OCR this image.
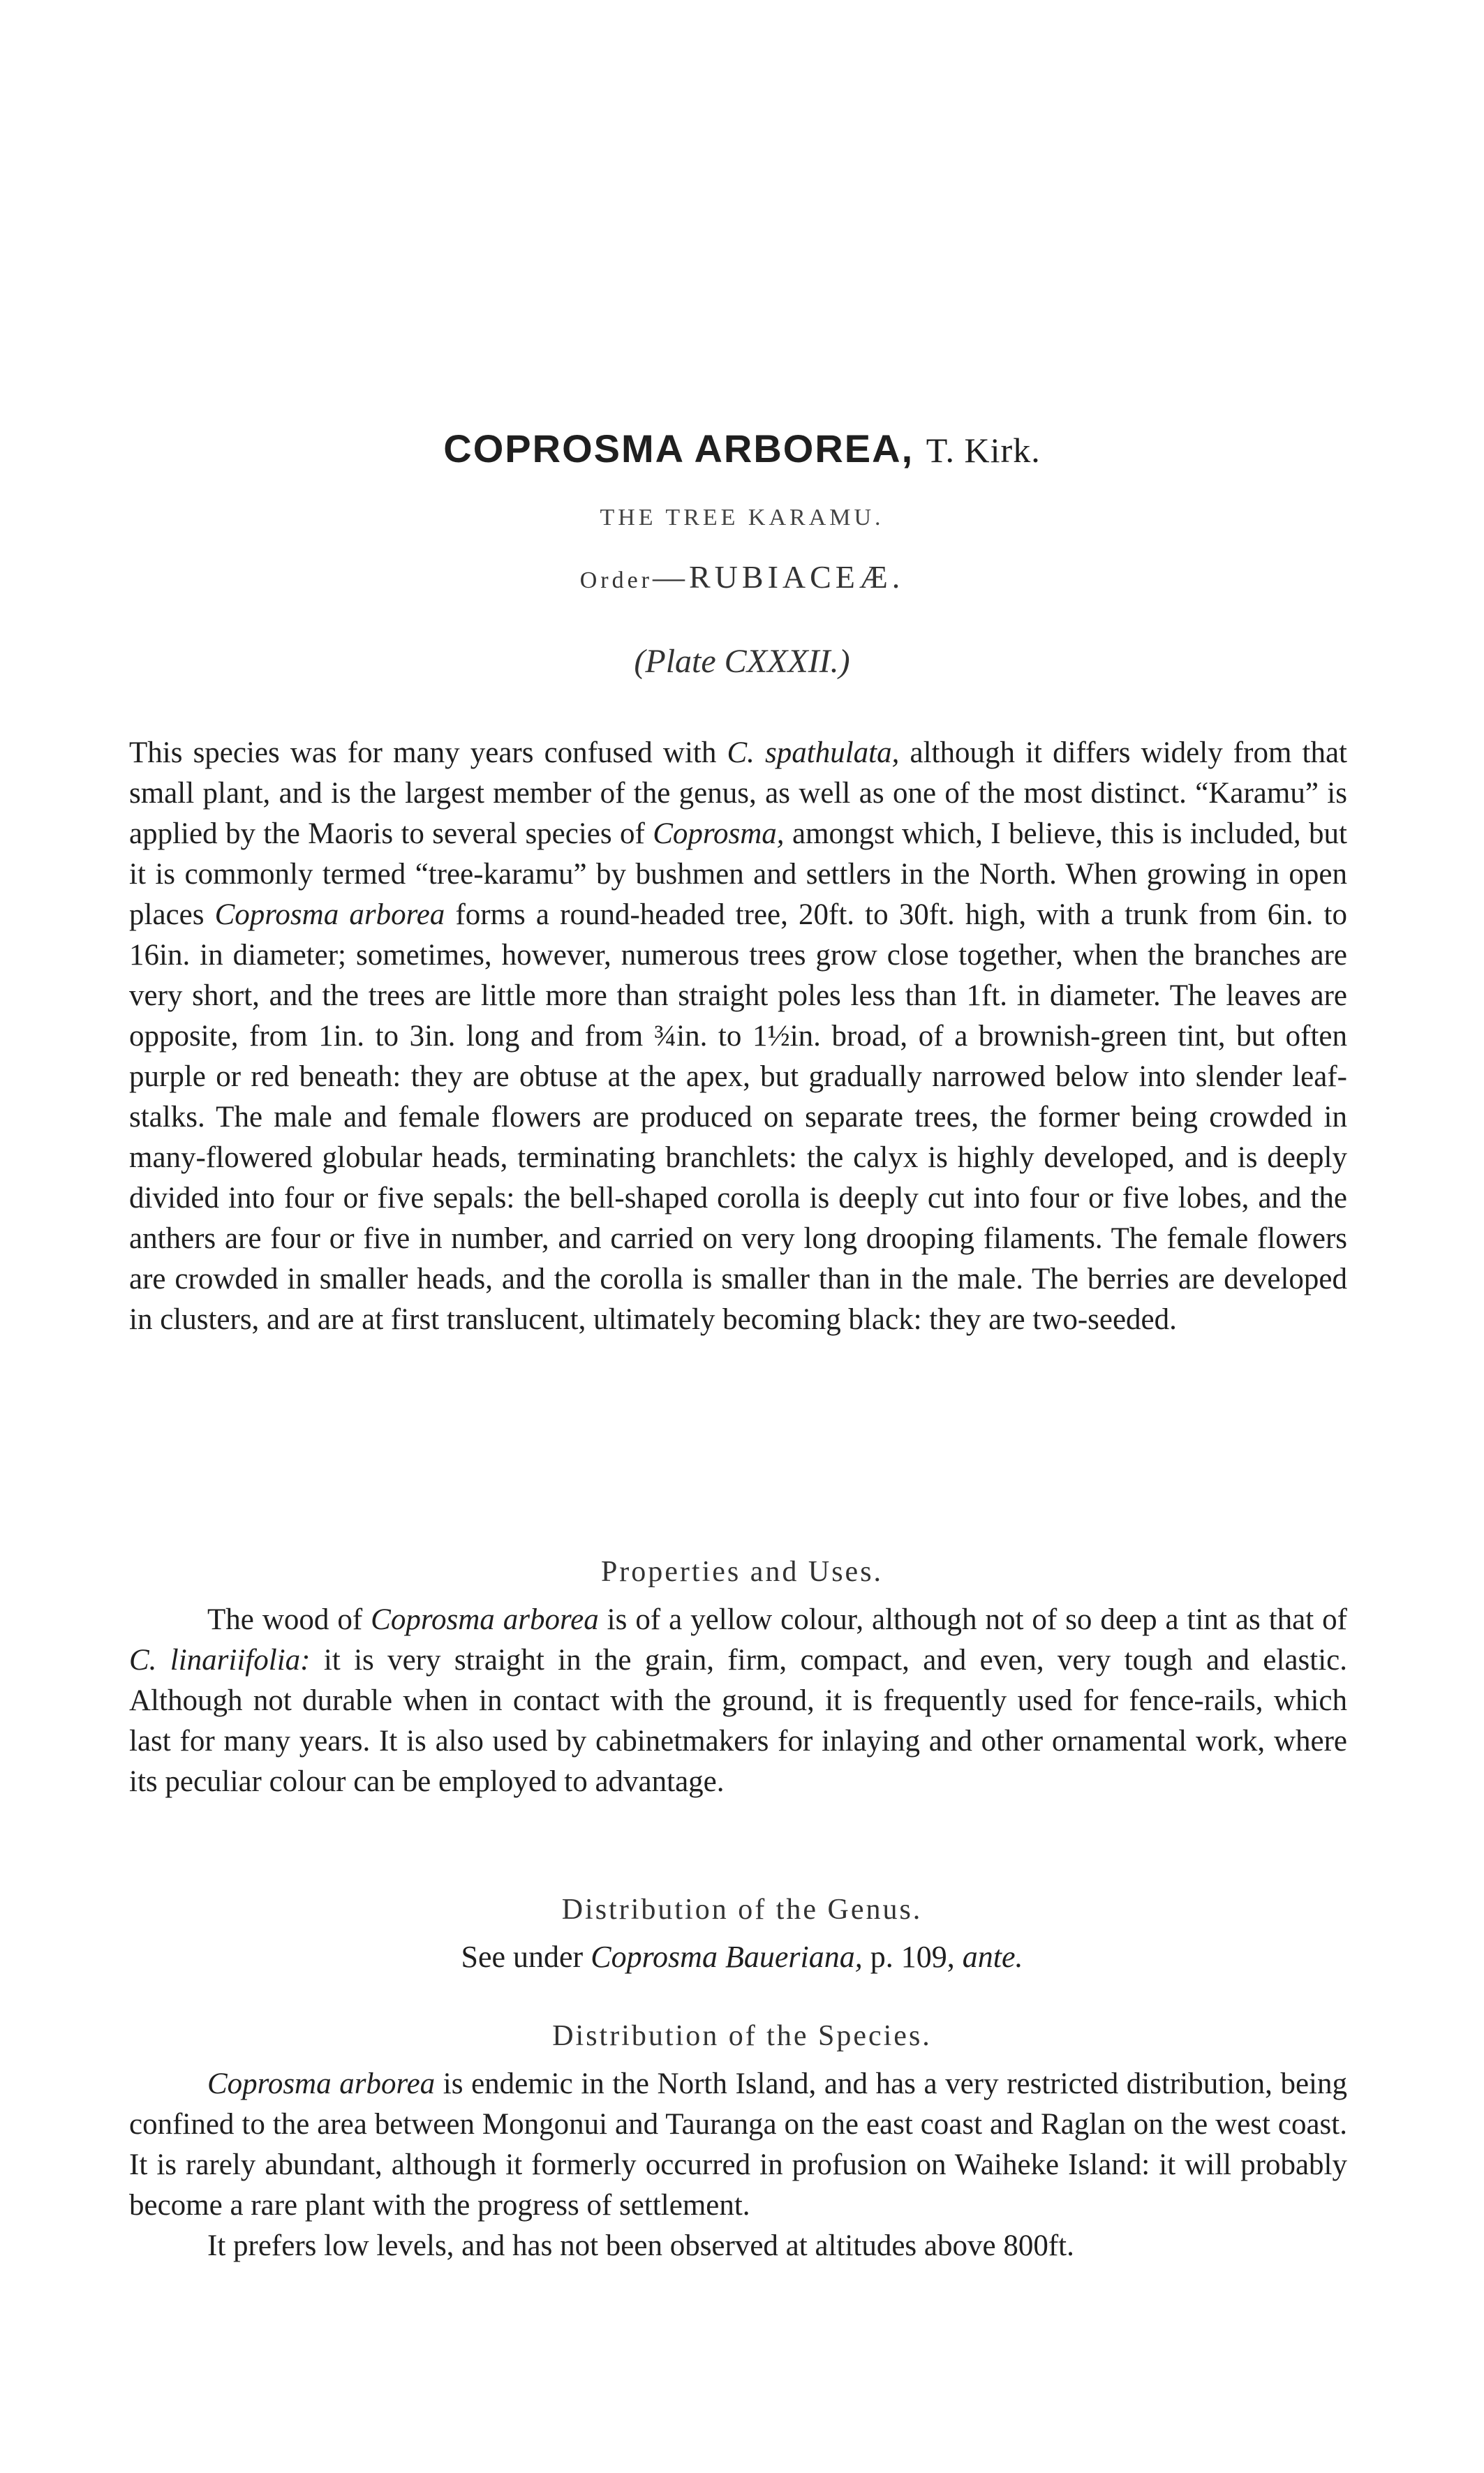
COPROSMA ARBOREA, T. Kirk.
THE TREE KARAMU.
Order—RUBIACEÆ.
(Plate CXXXII.)

This species was for many years confused with C. spathulata, although it differs widely from that small plant, and is the largest member of the genus, as well as one of the most distinct. “Karamu” is applied by the Maoris to several species of Coprosma, amongst which, I believe, this is included, but it is commonly termed “tree-karamu” by bushmen and settlers in the North. When growing in open places Coprosma arborea forms a round-headed tree, 20ft. to 30ft. high, with a trunk from 6in. to 16in. in diameter; sometimes, however, numerous trees grow close together, when the branches are very short, and the trees are little more than straight poles less than 1ft. in diameter. The leaves are opposite, from 1in. to 3in. long and from ¾in. to 1½in. broad, of a brownish-green tint, but often purple or red beneath: they are obtuse at the apex, but gradually narrowed below into slender leaf-stalks. The male and female flowers are produced on separate trees, the former being crowded in many-flowered globular heads, terminating branchlets: the calyx is highly developed, and is deeply divided into four or five sepals: the bell-shaped corolla is deeply cut into four or five lobes, and the anthers are four or five in number, and carried on very long drooping filaments. The female flowers are crowded in smaller heads, and the corolla is smaller than in the male. The berries are developed in clusters, and are at first translucent, ultimately becoming black: they are two-seeded.

Properties and Uses.

The wood of Coprosma arborea is of a yellow colour, although not of so deep a tint as that of C. linariifolia: it is very straight in the grain, firm, compact, and even, very tough and elastic. Although not durable when in contact with the ground, it is frequently used for fence-rails, which last for many years. It is also used by cabinetmakers for inlaying and other ornamental work, where its peculiar colour can be employed to advantage.

Distribution of the Genus.
See under Coprosma Baueriana, p. 109, ante.
Distribution of the Species.

Coprosma arborea is endemic in the North Island, and has a very restricted distribution, being confined to the area between Mongonui and Tauranga on the east coast and Raglan on the west coast. It is rarely abundant, although it formerly occurred in profusion on Waiheke Island: it will probably become a rare plant with the progress of settlement.

It prefers low levels, and has not been observed at altitudes above 800ft.
